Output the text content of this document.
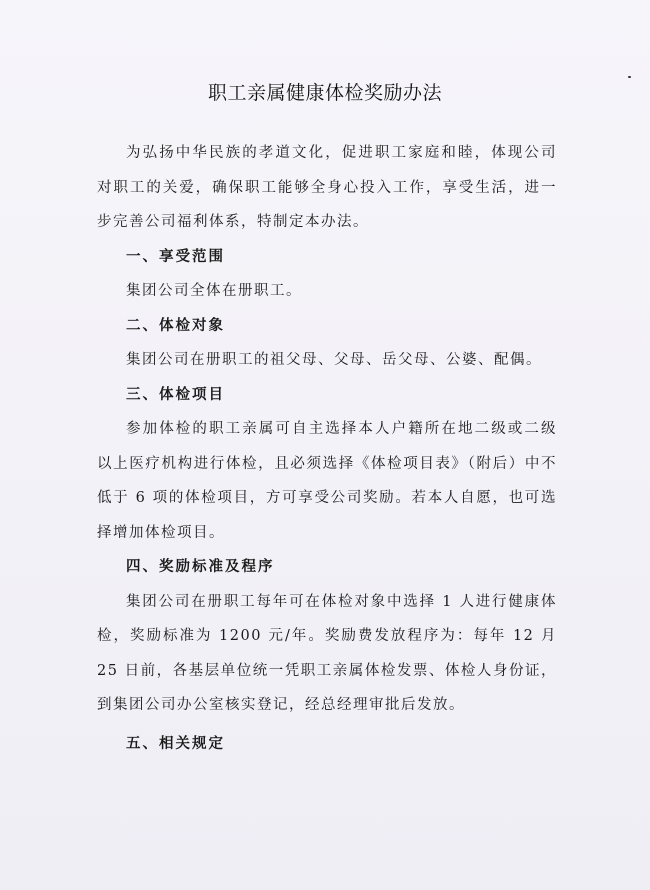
职工亲属健康体检奖励办法

为弘扬中华民族的孝道文化，促进职工家庭和睦，体现公司对职工的关爱，确保职工能够全身心投入工作，享受生活，进一步完善公司福利体系，特制定本办法。

一、享受范围

集团公司全体在册职工。

二、体检对象

集团公司在册职工的祖父母、父母、岳父母、公婆、配偶。

三、体检项目

参加体检的职工亲属可自主选择本人户籍所在地二级或二级以上医疗机构进行体检，且必须选择《体检项目表》（附后）中不低于 6 项的体检项目，方可享受公司奖励。若本人自愿，也可选择增加体检项目。

四、奖励标准及程序

集团公司在册职工每年可在体检对象中选择 1 人进行健康体检，奖励标准为 1200 元/年。奖励费发放程序为：每年 12 月 25 日前，各基层单位统一凭职工亲属体检发票、体检人身份证，到集团公司办公室核实登记，经总经理审批后发放。

五、相关规定
